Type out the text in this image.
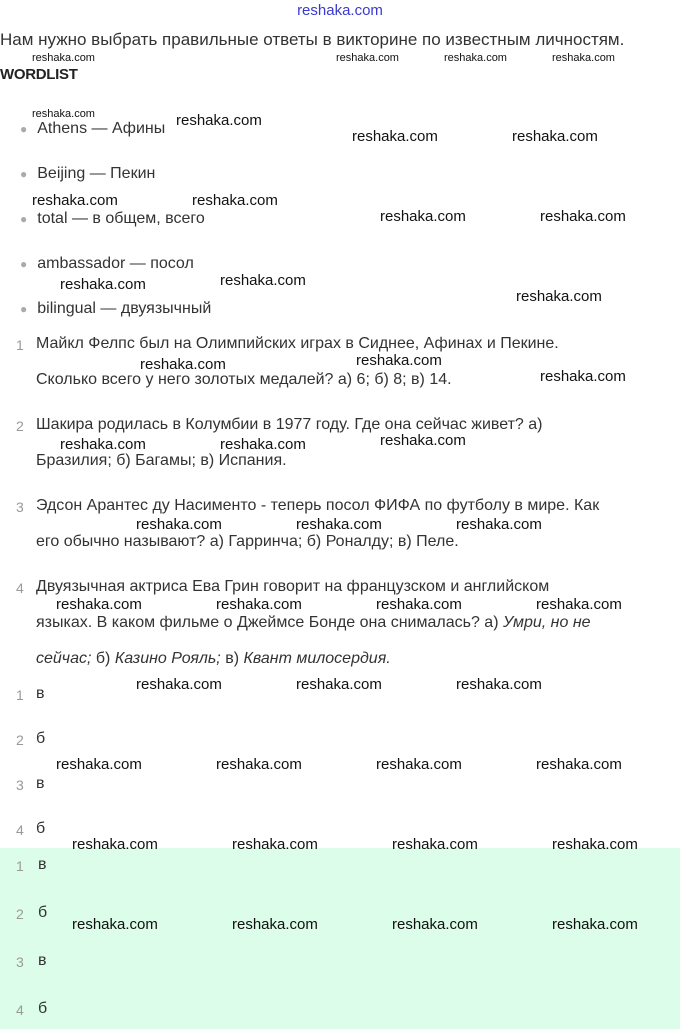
reshaka.com
Нам нужно выбрать правильные ответы в викторине по известным личностям.
WORDLIST
● Athens — Афины
● Beijing — Пекин
● total — в общем, всего
● ambassador — посол
● bilingual — двуязычный
1 Майкл Фелпс был на Олимпийских играх в Сиднее, Афинах и Пекине.
Сколько всего у него золотых медалей? а) 6; б) 8; в) 14.
2 Шакира родилась в Колумбии в 1977 году. Где она сейчас живет? а)
Бразилия; б) Багамы; в) Испания.
3 Эдсон Арантес ду Насименто - теперь посол ФИФА по футболу в мире. Как
его обычно называют? а) Гарринча; б) Роналду; в) Пеле.
4 Двуязычная актриса Ева Грин говорит на французском и английском
языках. В каком фильме о Джеймсе Бонде она снималась? а) Умри, но не
сейчас; б) Казино Рояль; в) Квант милосердия.
1 в
2 б
3 в
4 б
1 в
2 б
3 в
4 б
reshaka.com	reshaka.com	reshaka.com	reshaka.com
reshaka.com	reshaka.com
reshaka.com	reshaka.com
reshaka.com	reshaka.com
reshaka.com	reshaka.com
reshaka.com	reshaka.com
reshaka.com
reshaka.com	reshaka.com
reshaka.com
reshaka.com	reshaka.com	reshaka.com
reshaka.com	reshaka.com	reshaka.com
reshaka.com	reshaka.com	reshaka.com	reshaka.com
reshaka.com	reshaka.com	reshaka.com
reshaka.com	reshaka.com	reshaka.com	reshaka.com
reshaka.com	reshaka.com	reshaka.com	reshaka.com
reshaka.com	reshaka.com	reshaka.com	reshaka.com
